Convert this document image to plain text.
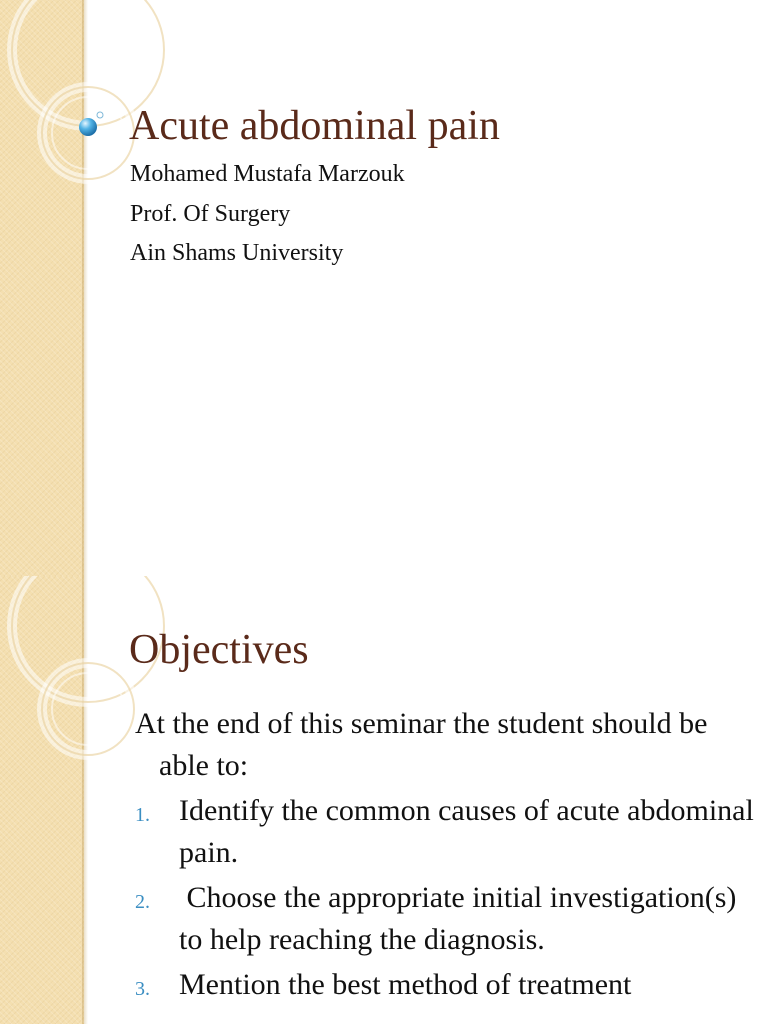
Acute abdominal pain
Mohamed Mustafa Marzouk
Prof. Of Surgery
Ain Shams University
Objectives

At the end of this seminar the student should be able to:

1. Identify the common causes of acute abdominal pain.
2. Choose the appropriate initial investigation(s) to help reaching the diagnosis.
3. Mention the best method of treatment
